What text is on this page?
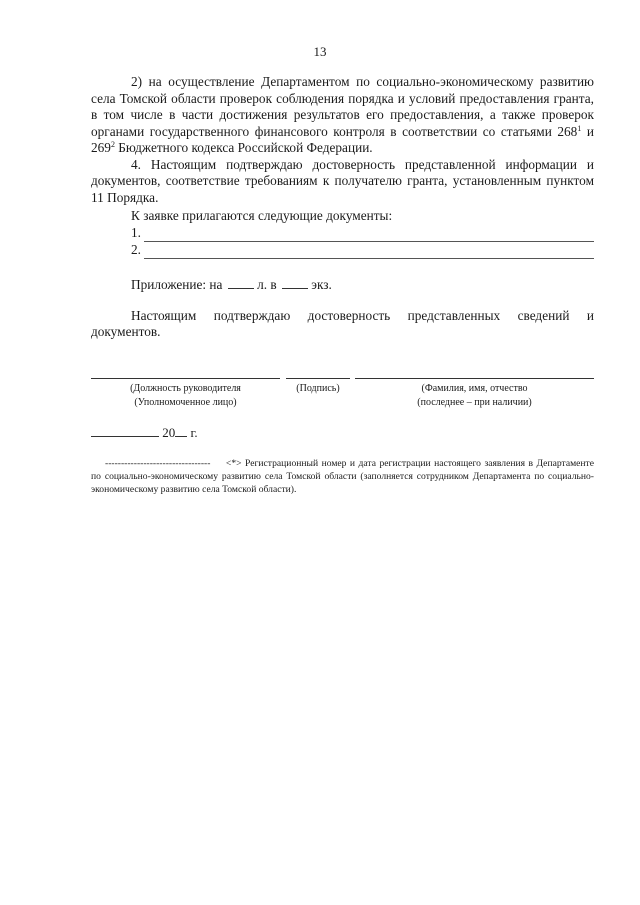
13

2) на осуществление Департаментом по социально-экономическому развитию села Томской области проверок соблюдения порядка и условий предоставления гранта, в том числе в части достижения результатов его предоставления, а также проверок органами государственного финансового контроля в соответствии со статьями $268^1$ и $269^2$ Бюджетного кодекса Российской Федерации.

4. Настоящим подтверждаю достоверность представленной информации и документов, соответствие требованиям к получателю гранта, установленным пунктом 11 Порядка.

К заявке прилагаются следующие документы:

1.
2.
Приложение: на	л. в	экз.

Настоящим подтверждаю достоверность представленных сведений и документов.

(Должность руководителя
(Уполномоченное лицо)
(Подпись)	(Фамилия, имя, отчество
(последнее – при наличии)
20 г.
--------------------------------- <*> Регистрационный номер и дата регистрации настоящего заявления в Департаменте по социально-экономическому развитию села Томской области (заполняется сотрудником Департамента по социально-экономическому развитию села Томской области).
